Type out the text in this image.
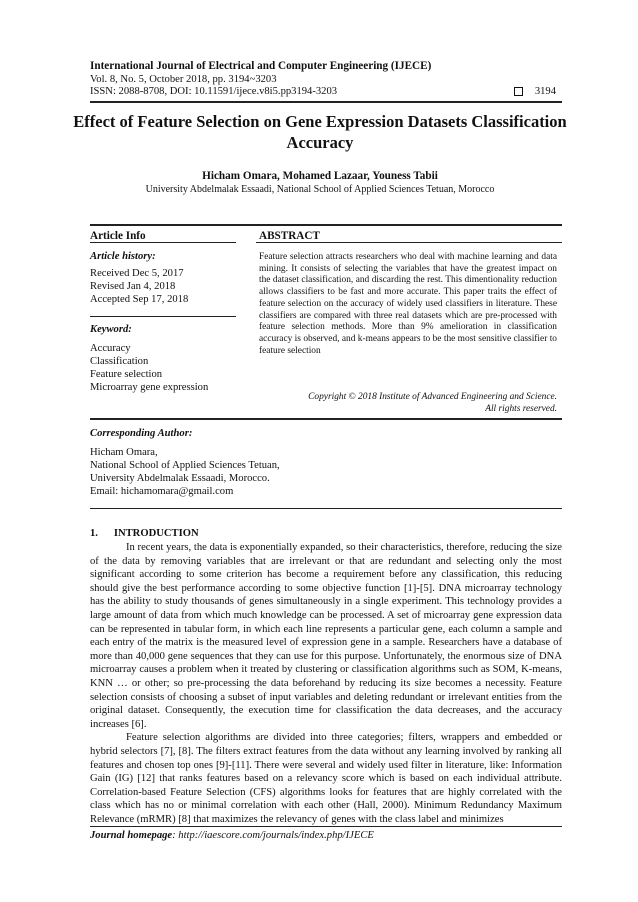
International Journal of Electrical and Computer Engineering (IJECE)
Vol. 8, No. 5, October 2018, pp. 3194~3203
ISSN: 2088-8708, DOI: 10.11591/ijece.v8i5.pp3194-3203	3194
Effect of Feature Selection on Gene Expression Datasets Classification Accuracy
Hicham Omara, Mohamed Lazaar, Youness Tabii
University Abdelmalak Essaadi, National School of Applied Sciences Tetuan, Morocco
Article Info
Article history:
Received Dec 5, 2017
Revised Jan 4, 2018
Accepted Sep 17, 2018
Keyword:
Accuracy
Classification
Feature selection
Microarray gene expression
ABSTRACT
Feature selection attracts researchers who deal with machine learning and data mining. It consists of selecting the variables that have the greatest impact on the dataset classification, and discarding the rest. This dimentionality reduction allows classifiers to be fast and more accurate. This paper traits the effect of feature selection on the accuracy of widely used classifiers in literature. These classifiers are compared with three real datasets which are pre-processed with feature selection methods. More than 9% amelioration in classification accuracy is observed, and k-means appears to be the most sensitive classifier to feature selection
Copyright © 2018 Institute of Advanced Engineering and Science.
All rights reserved.
Corresponding Author:
Hicham Omara,
National School of Applied Sciences Tetuan,
University Abdelmalak Essaadi, Morocco.
Email: hichamomara@gmail.com
1.      INTRODUCTION

In recent years, the data is exponentially expanded, so their characteristics, therefore, reducing the size of the data by removing variables that are irrelevant or that are redundant and selecting only the most significant according to some criterion has become a requirement before any classification, this reducing should give the best performance according to some objective function [1]-[5]. DNA microarray technology has the ability to study thousands of genes simultaneously in a single experiment. This technology provides a large amount of data from which much knowledge can be processed. A set of microarray gene expression data can be represented in tabular form, in which each line represents a particular gene, each column a sample and each entry of the matrix is the measured level of expression gene in a sample. Researchers have a database of more than 40,000 gene sequences that they can use for this purpose. Unfortunately, the enormous size of DNA microarray causes a problem when it treated by clustering or classification algorithms such as SOM, K-means, KNN … or other; so pre-processing the data beforehand by reducing its size becomes a necessity. Feature selection consists of choosing a subset of input variables and deleting redundant or irrelevant entities from the original dataset. Consequently, the execution time for classification the data decreases, and the accuracy increases [6].

Feature selection algorithms are divided into three categories; filters, wrappers and embedded or hybrid selectors [7], [8]. The filters extract features from the data without any learning involved by ranking all features and chosen top ones [9]-[11]. There were several and widely used filter in literature, like: Information Gain (IG) [12] that ranks features based on a relevancy score which is based on each individual attribute. Correlation-based Feature Selection (CFS) algorithms looks for features that are highly correlated with the class which has no or minimal correlation with each other (Hall, 2000). Minimum Redundancy Maximum Relevance (mRMR) [8] that maximizes the relevancy of genes with the class label and minimizes

Journal homepage: http://iaescore.com/journals/index.php/IJECE
